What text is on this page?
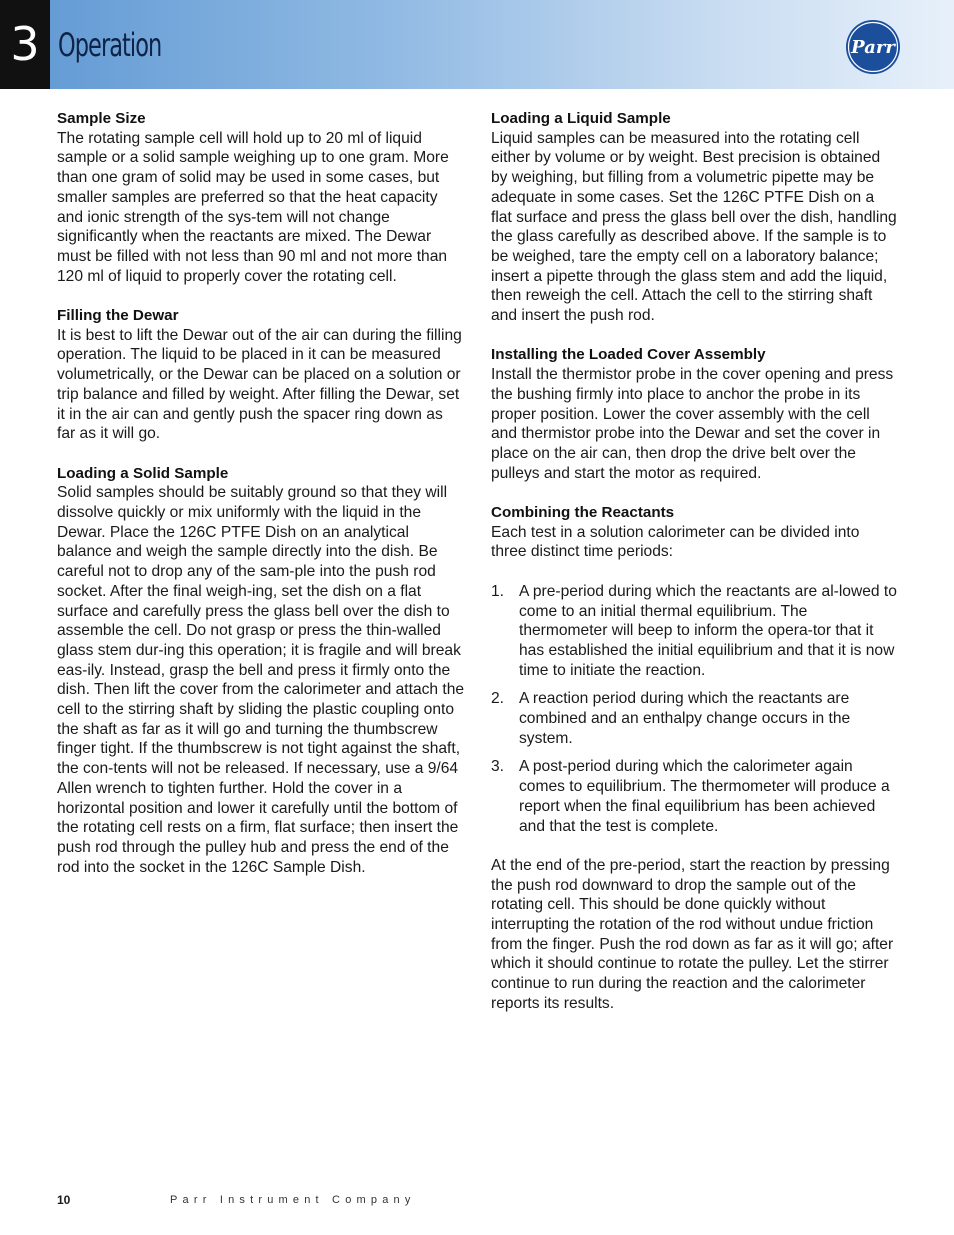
3 Operation	Parr
Sample Size

The rotating sample cell will hold up to 20 ml of liquid sample or a solid sample weighing up to one gram. More than one gram of solid may be used in some cases, but smaller samples are preferred so that the heat capacity and ionic strength of the sys-tem will not change significantly when the reactants are mixed. The Dewar must be filled with not less than 90 ml and not more than 120 ml of liquid to properly cover the rotating cell.

Filling the Dewar

It is best to lift the Dewar out of the air can during the filling operation. The liquid to be placed in it can be measured volumetrically, or the Dewar can be placed on a solution or trip balance and filled by weight. After filling the Dewar, set it in the air can and gently push the spacer ring down as far as it will go.

Loading a Solid Sample

Solid samples should be suitably ground so that they will dissolve quickly or mix uniformly with the liquid in the Dewar. Place the 126C PTFE Dish on an analytical balance and weigh the sample directly into the dish. Be careful not to drop any of the sam-ple into the push rod socket. After the final weigh-ing, set the dish on a flat surface and carefully press the glass bell over the dish to assemble the cell. Do not grasp or press the thin-walled glass stem dur-ing this operation; it is fragile and will break eas-ily. Instead, grasp the bell and press it firmly onto the dish. Then lift the cover from the calorimeter and attach the cell to the stirring shaft by sliding the plastic coupling onto the shaft as far as it will go and turning the thumbscrew finger tight. If the thumbscrew is not tight against the shaft, the con-tents will not be released. If necessary, use a 9/64 Allen wrench to tighten further. Hold the cover in a horizontal position and lower it carefully until the bottom of the rotating cell rests on a firm, flat surface; then insert the push rod through the pulley hub and press the end of the rod into the socket in the 126C Sample Dish.

Loading a Liquid Sample

Liquid samples can be measured into the rotating cell either by volume or by weight. Best precision is obtained by weighing, but filling from a volumetric pipette may be adequate in some cases. Set the 126C PTFE Dish on a flat surface and press the glass bell over the dish, handling the glass carefully as described above. If the sample is to be weighed, tare the empty cell on a laboratory balance; insert a pipette through the glass stem and add the liquid, then reweigh the cell. Attach the cell to the stirring shaft and insert the push rod.

Installing the Loaded Cover Assembly

Install the thermistor probe in the cover opening and press the bushing firmly into place to anchor the probe in its proper position. Lower the cover assembly with the cell and thermistor probe into the Dewar and set the cover in place on the air can, then drop the drive belt over the pulleys and start the motor as required.

Combining the Reactants

Each test in a solution calorimeter can be divided into three distinct time periods:

1. A pre-period during which the reactants are al-lowed to come to an initial thermal equilibrium. The thermometer will beep to inform the opera-tor that it has established the initial equilibrium and that it is now time to initiate the reaction.
2. A reaction period during which the reactants are combined and an enthalpy change occurs in the system.
3. A post-period during which the calorimeter again comes to equilibrium. The thermometer will produce a report when the final equilibrium has been achieved and that the test is complete.

At the end of the pre-period, start the reaction by pressing the push rod downward to drop the sample out of the rotating cell. This should be done quickly without interrupting the rotation of the rod without undue friction from the finger. Push the rod down as far as it will go; after which it should continue to rotate the pulley. Let the stirrer continue to run during the reaction and the calorimeter reports its results.

10	Parr Instrument Company
